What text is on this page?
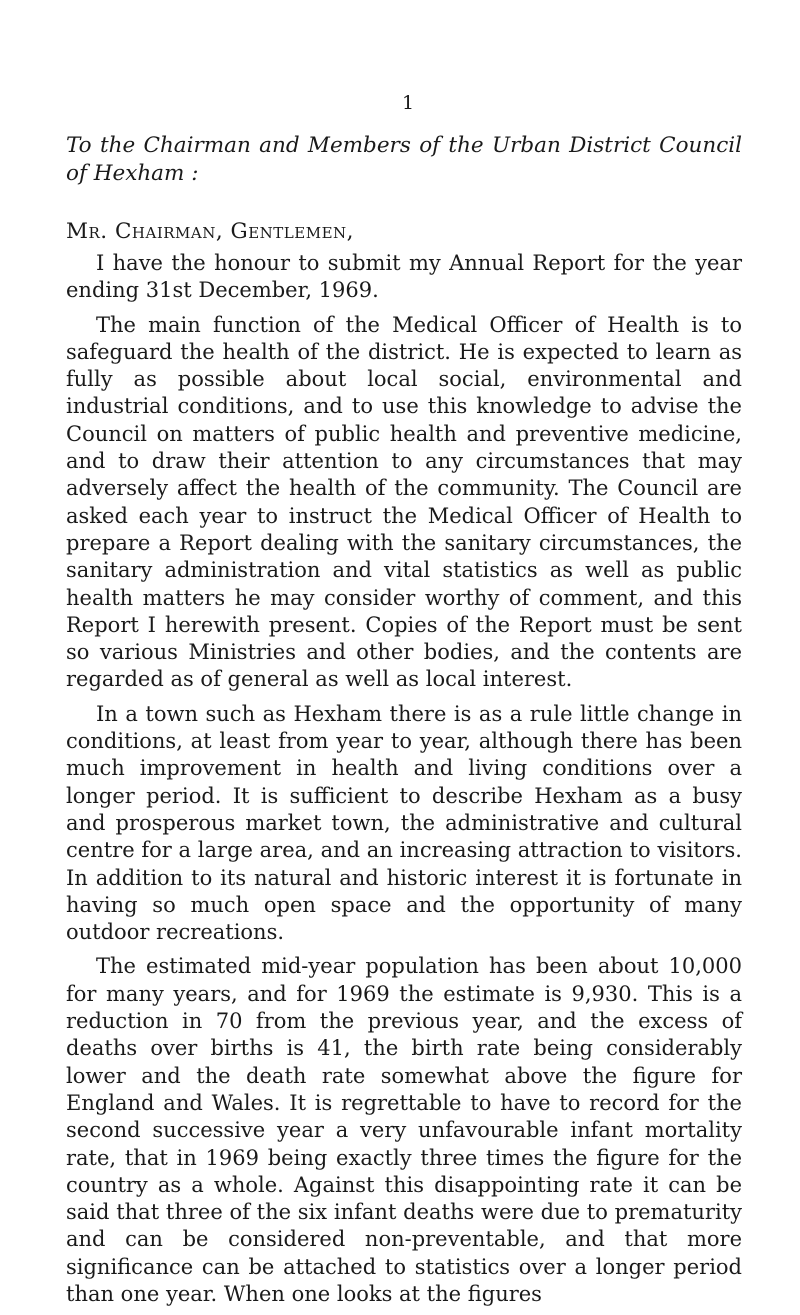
1

To the Chairman and Members of the Urban District Council of Hexham :

Mr. Chairman, Gentlemen,

I have the honour to submit my Annual Report for the year ending 31st December, 1969.

The main function of the Medical Officer of Health is to safeguard the health of the district. He is expected to learn as fully as possible about local social, environmental and industrial conditions, and to use this knowledge to advise the Council on matters of public health and preventive medicine, and to draw their attention to any circumstances that may adversely affect the health of the community. The Council are asked each year to instruct the Medical Officer of Health to prepare a Report dealing with the sanitary circumstances, the sanitary administration and vital statistics as well as public health matters he may consider worthy of comment, and this Report I herewith present. Copies of the Report must be sent so various Ministries and other bodies, and the contents are regarded as of general as well as local interest.

In a town such as Hexham there is as a rule little change in conditions, at least from year to year, although there has been much improvement in health and living conditions over a longer period. It is sufficient to describe Hexham as a busy and prosperous market town, the administrative and cultural centre for a large area, and an increasing attraction to visitors. In addition to its natural and historic interest it is fortunate in having so much open space and the opportunity of many outdoor recreations.

The estimated mid-year population has been about 10,000 for many years, and for 1969 the estimate is 9,930. This is a reduction in 70 from the previous year, and the excess of deaths over births is 41, the birth rate being considerably lower and the death rate somewhat above the figure for England and Wales. It is regrettable to have to record for the second successive year a very unfavourable infant mortality rate, that in 1969 being exactly three times the figure for the country as a whole. Against this disappointing rate it can be said that three of the six infant deaths were due to prematurity and can be considered non-preventable, and that more significance can be attached to statistics over a longer period than one year. When one looks at the figures
